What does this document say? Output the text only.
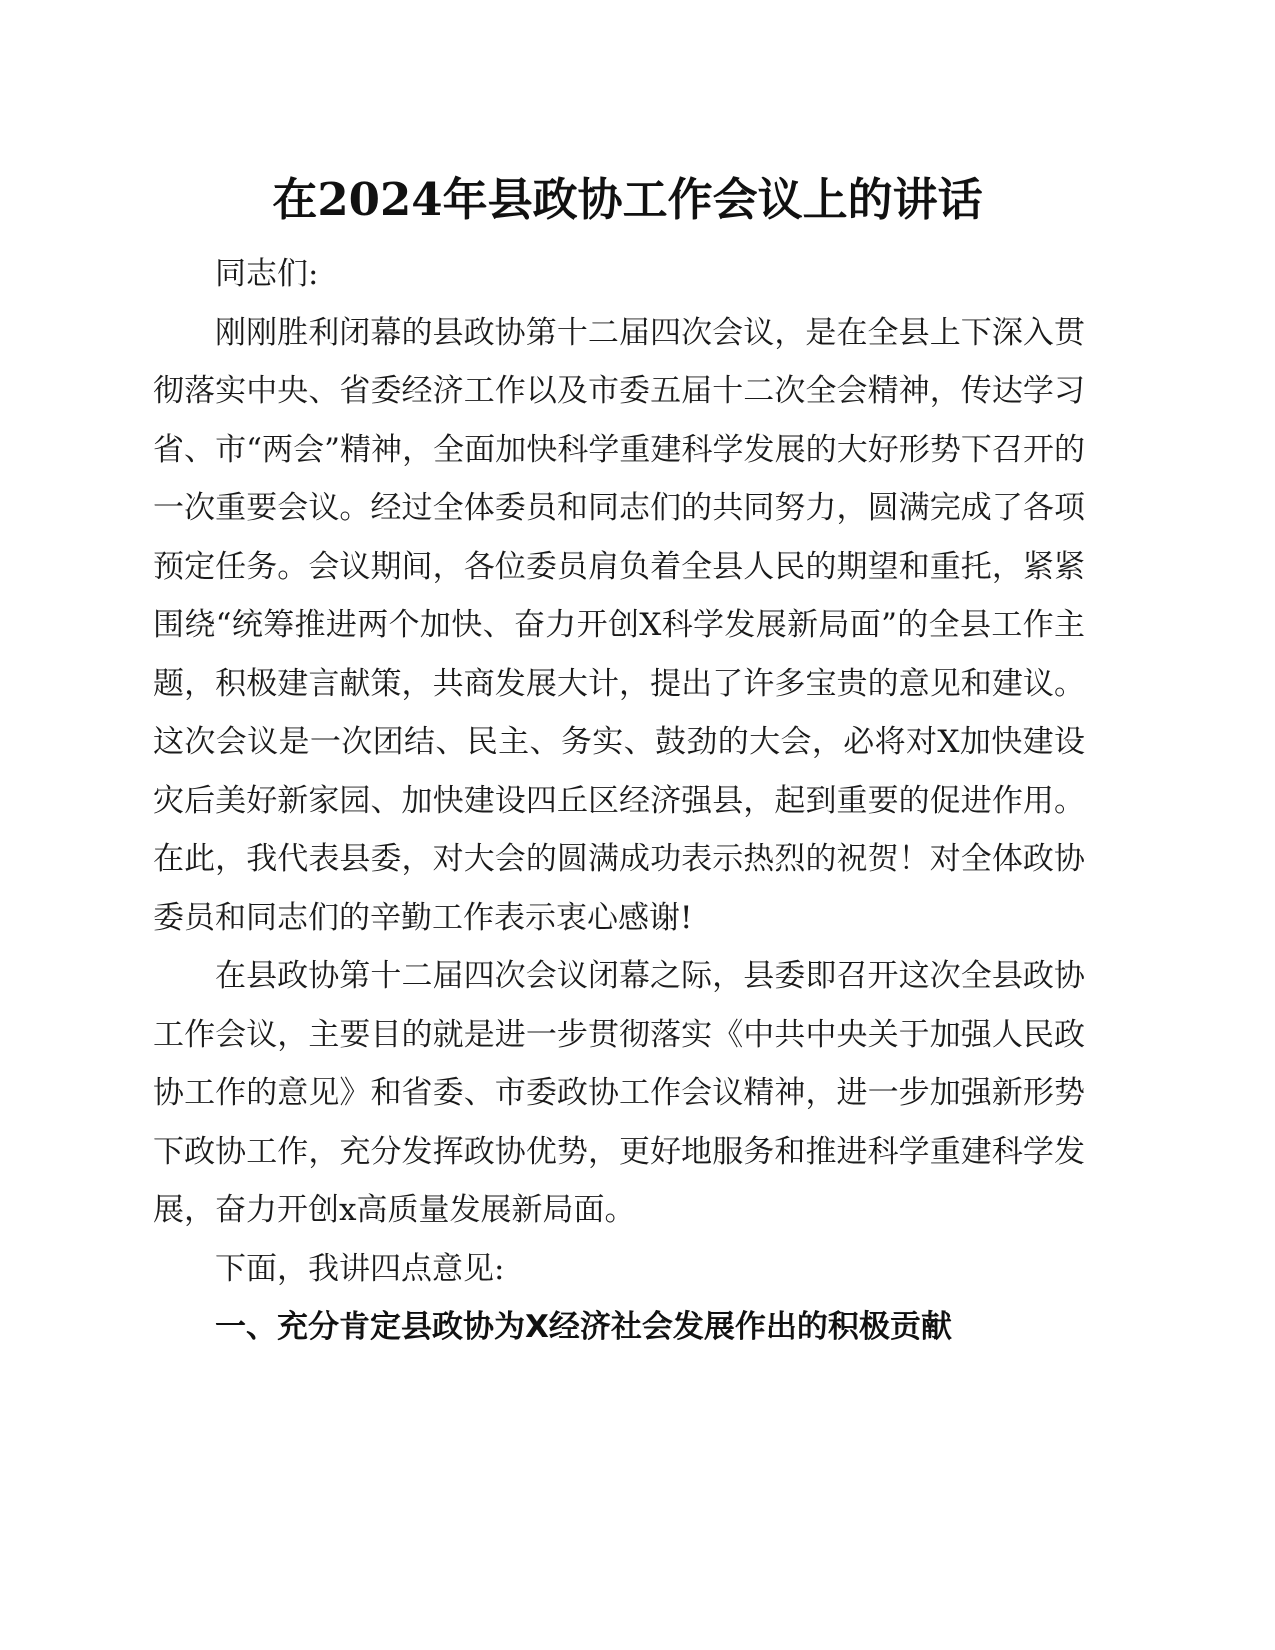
在2024年县政协工作会议上的讲话

同志们:

刚刚胜利闭幕的县政协第十二届四次会议，是在全县上下深入贯彻落实中央、省委经济工作以及市委五届十二次全会精神，传达学习省、市“两会”精神，全面加快科学重建科学发展的大好形势下召开的一次重要会议。经过全体委员和同志们的共同努力，圆满完成了各项预定任务。会议期间，各位委员肩负着全县人民的期望和重托，紧紧围绕“统筹推进两个加快、奋力开创X科学发展新局面”的全县工作主题，积极建言献策，共商发展大计，提出了许多宝贵的意见和建议。这次会议是一次团结、民主、务实、鼓劲的大会，必将对X加快建设灾后美好新家园、加快建设四丘区经济强县，起到重要的促进作用。在此，我代表县委，对大会的圆满成功表示热烈的祝贺！对全体政协委员和同志们的辛勤工作表示衷心感谢!

在县政协第十二届四次会议闭幕之际，县委即召开这次全县政协工作会议，主要目的就是进一步贯彻落实《中共中央关于加强人民政协工作的意见》和省委、市委政协工作会议精神，进一步加强新形势下政协工作，充分发挥政协优势，更好地服务和推进科学重建科学发展，奋力开创x高质量发展新局面。

下面，我讲四点意见:

一、充分肯定县政协为X经济社会发展作出的积极贡献
